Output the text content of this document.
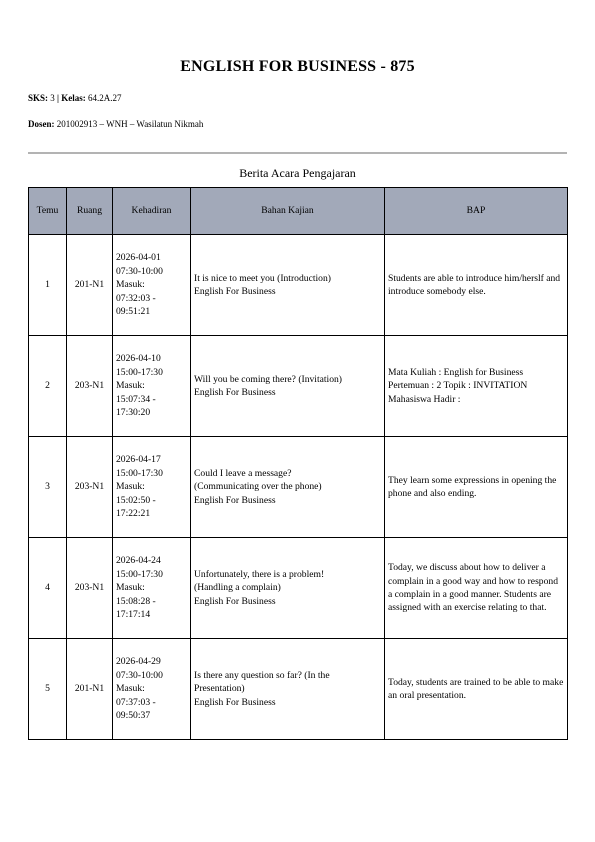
ENGLISH FOR BUSINESS - 875
SKS: 3 | Kelas: 64.2A.27
Dosen: 201002913 – WNH – Wasilatun Nikmah
Berita Acara Pengajaran
Temu	Ruang	Kehadiran	Bahan Kajian	BAP
1	201-N1	2026-04-01
07:30-10:00
Masuk:
07:32:03 -
09:51:21	It is nice to meet you (Introduction)
English For Business	Students are able to introduce him/herslf and introduce somebody else.
2	203-N1	2026-04-10
15:00-17:30
Masuk:
15:07:34 -
17:30:20	Will you be coming there? (Invitation)
English For Business	Mata Kuliah : English for Business Pertemuan : 2 Topik : INVITATION Mahasiswa Hadir :
3	203-N1	2026-04-17
15:00-17:30
Masuk:
15:02:50 -
17:22:21	Could I leave a message?
(Communicating over the phone)
English For Business	They learn some expressions in opening the phone and also ending.
4	203-N1	2026-04-24
15:00-17:30
Masuk:
15:08:28 -
17:17:14	Unfortunately, there is a problem!
(Handling a complain)
English For Business	Today, we discuss about how to deliver a complain in a good way and how to respond a complain in a good manner. Students are assigned with an exercise relating to that.
5	201-N1	2026-04-29
07:30-10:00
Masuk:
07:37:03 -
09:50:37	Is there any question so far? (In the
Presentation)
English For Business	Today, students are trained to be able to make an oral presentation.
